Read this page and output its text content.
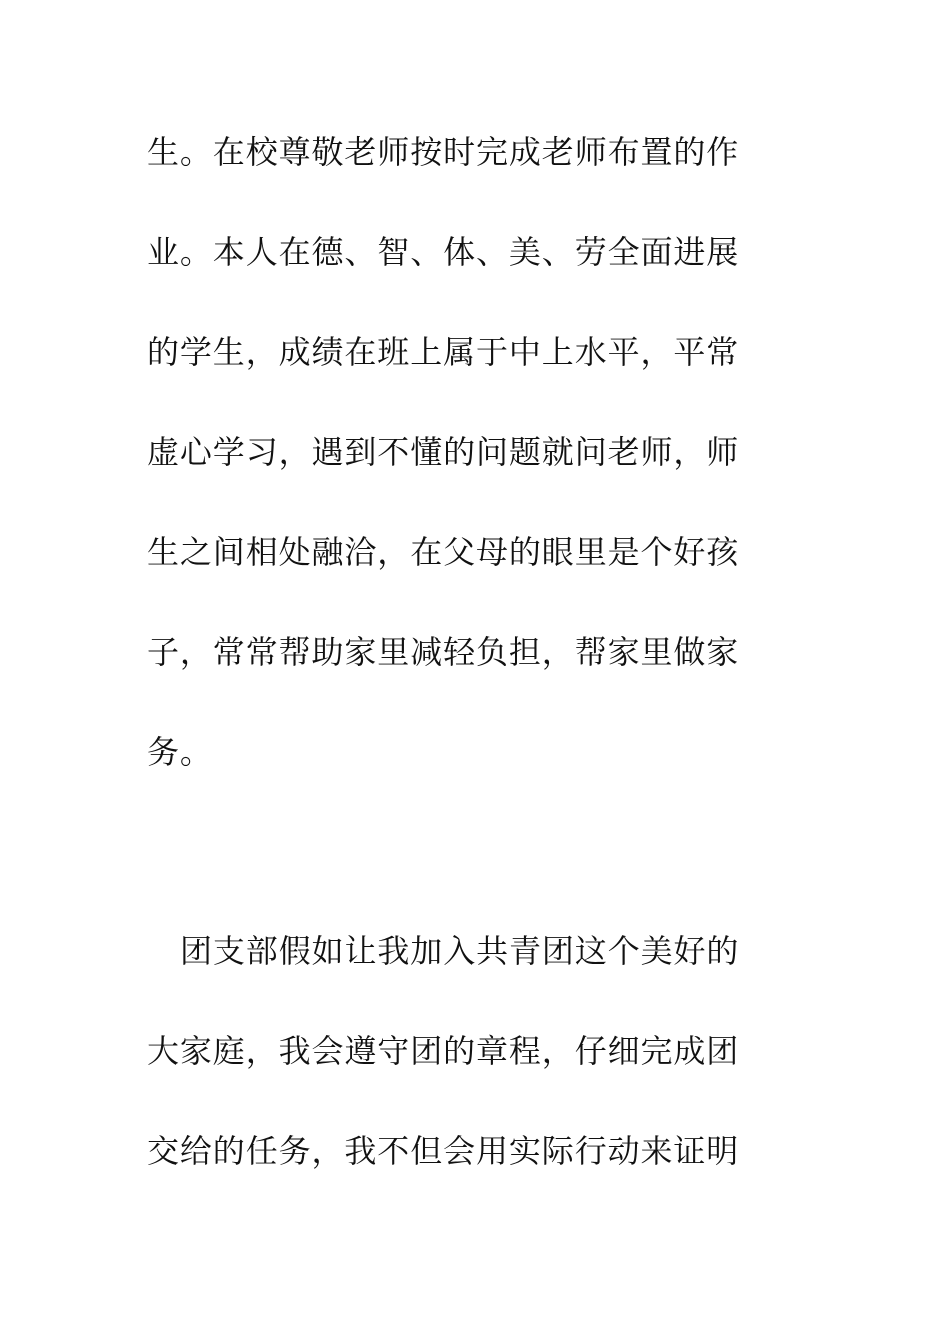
生。在校尊敬老师按时完成老师布置的作
业。本人在德、智、体、美、劳全面进展
的学生，成绩在班上属于中上水平，平常
虚心学习，遇到不懂的问题就问老师，师
生之间相处融洽，在父母的眼里是个好孩
子，常常帮助家里减轻负担，帮家里做家
务。
团支部假如让我加入共青团这个美好的
大家庭，我会遵守团的章程，仔细完成团
交给的任务，我不但会用实际行动来证明
